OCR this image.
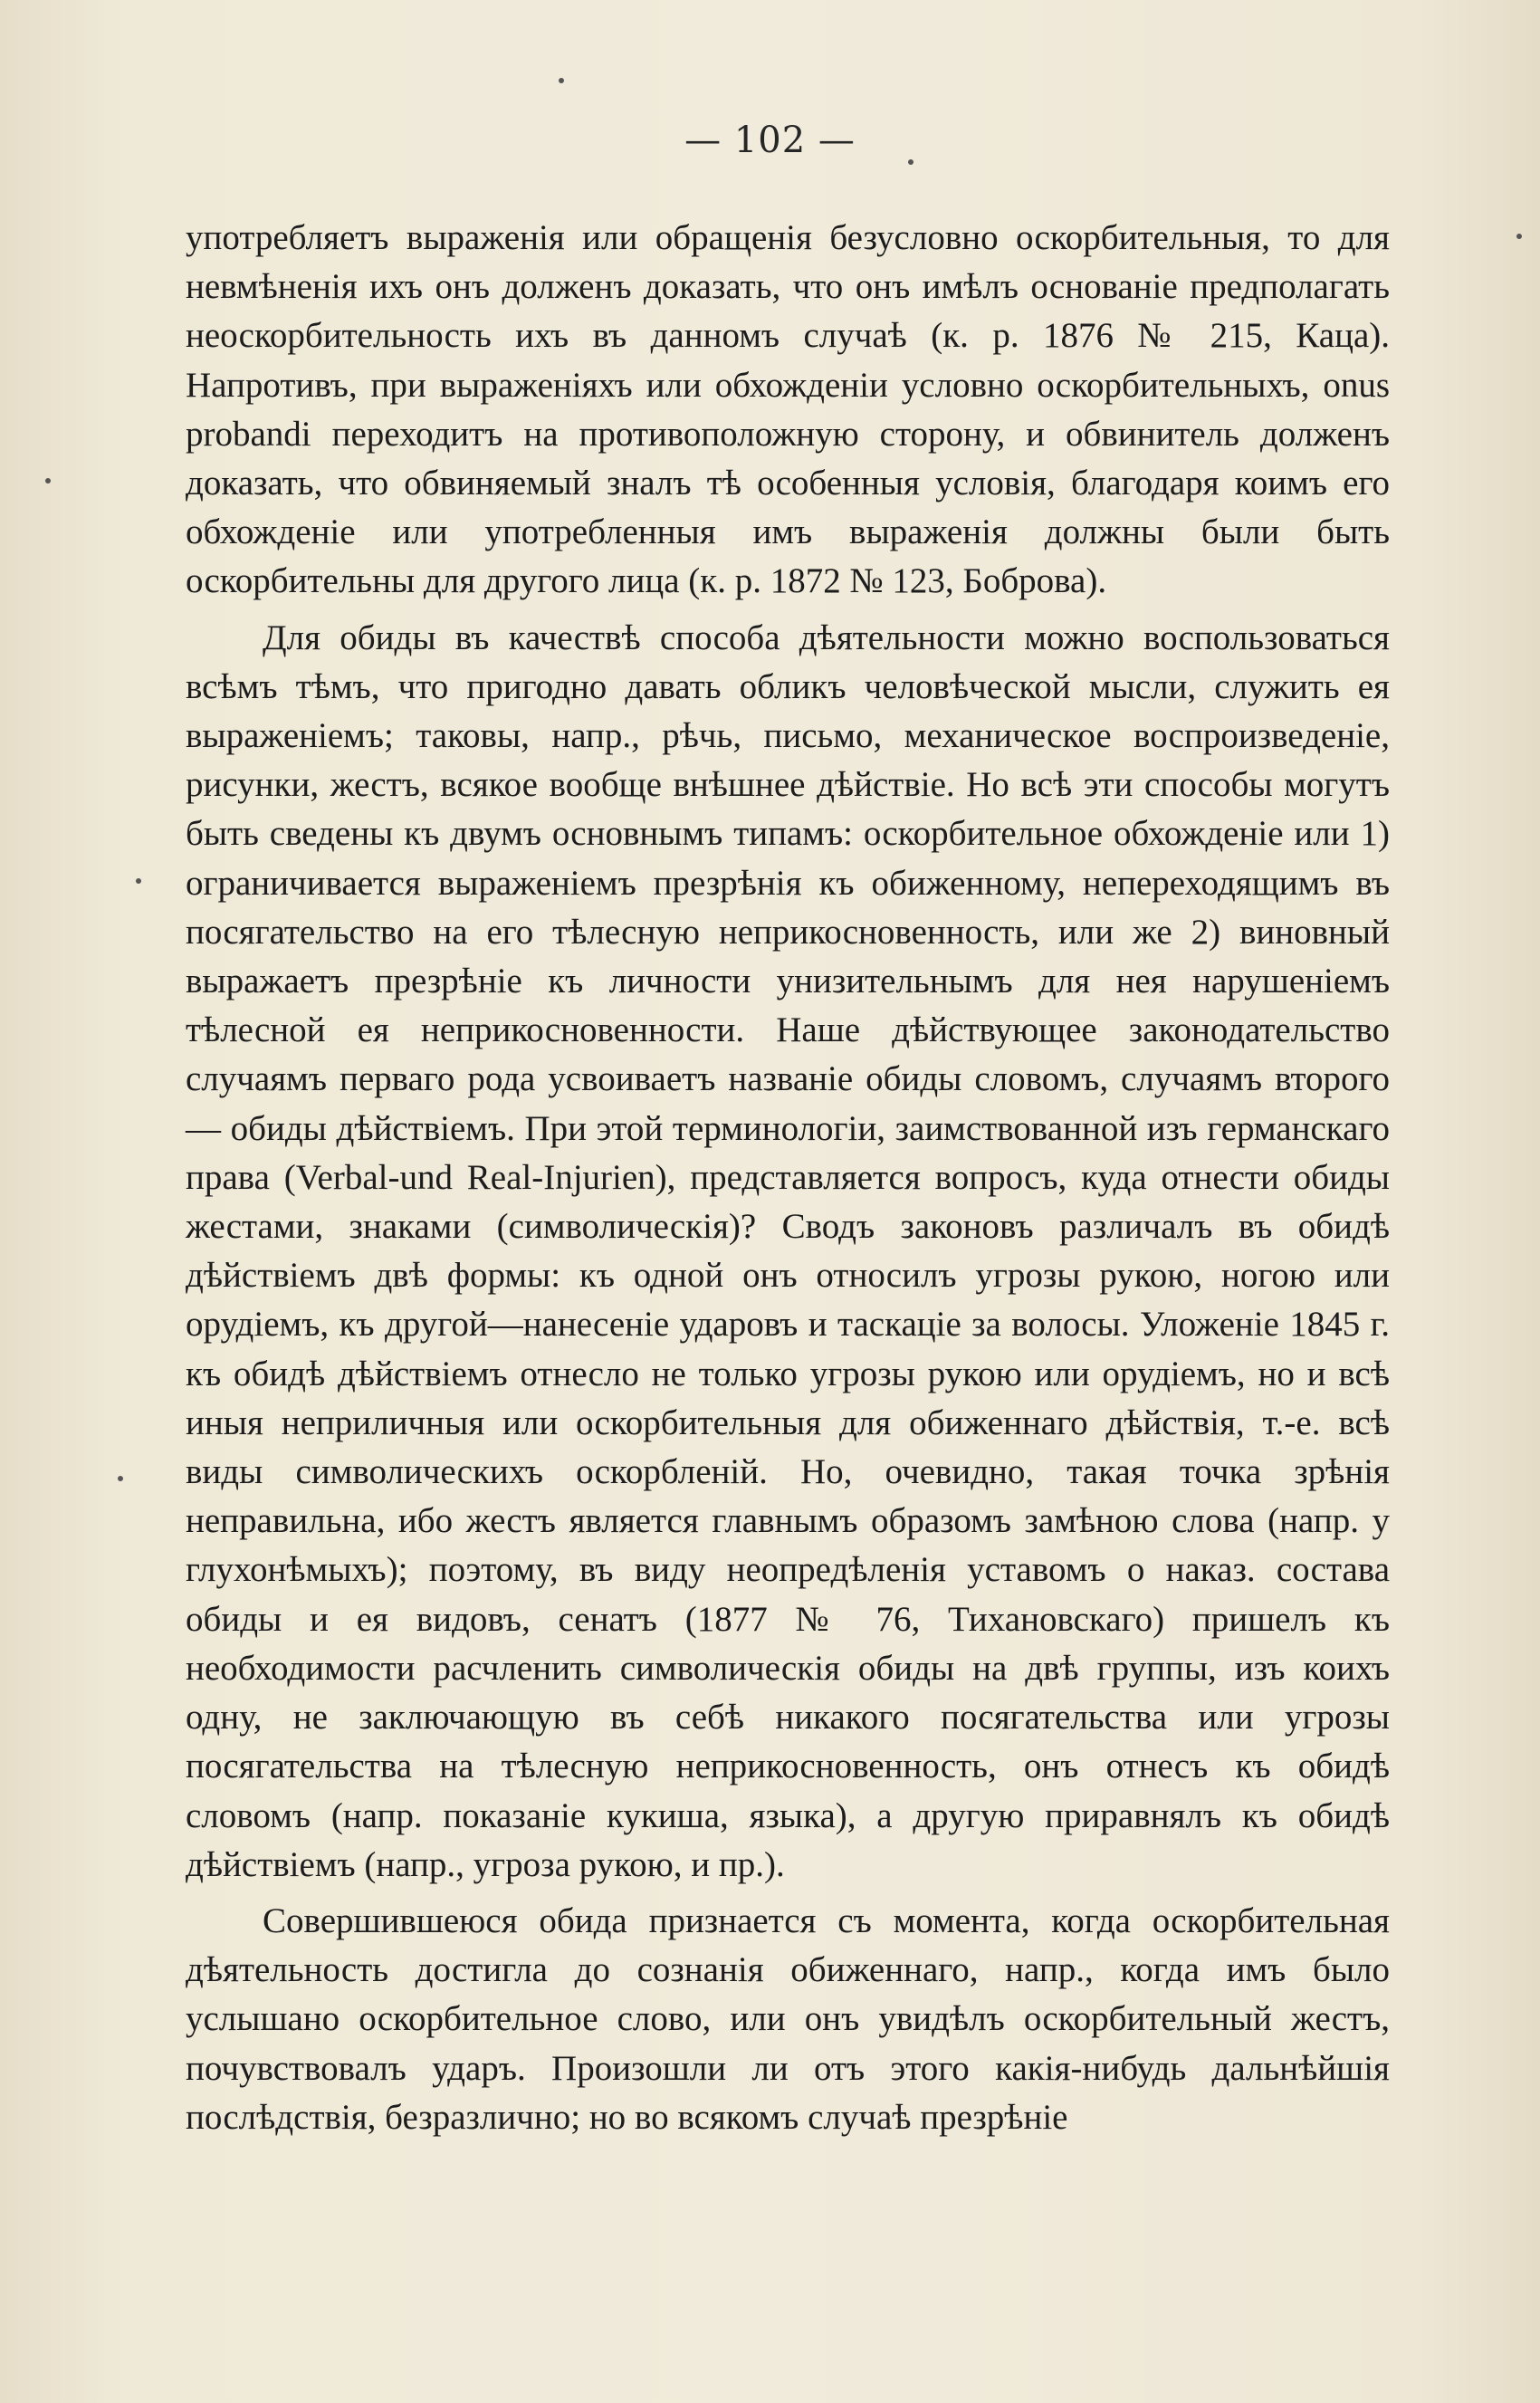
— 102 —

употребляетъ выраженія или обращенія безусловно оскорбительныя, то для невмѣненія ихъ онъ долженъ доказать, что онъ имѣлъ основаніе предполагать неоскорбительность ихъ въ данномъ случаѣ (к. р. 1876 № 215, Каца). Напротивъ, при выраженіяхъ или обхожденіи условно оскорбительныхъ, onus probandi переходитъ на противоположную сторону, и обвинитель долженъ доказать, что обвиняемый зналъ тѣ особенныя условія, благодаря коимъ его обхожденіе или употребленныя имъ выраженія должны были быть оскорбительны для другого лица (к. р. 1872 № 123, Боброва).

Для обиды въ качествѣ способа дѣятельности можно воспользоваться всѣмъ тѣмъ, что пригодно давать обликъ человѣческой мысли, служить ея выраженіемъ; таковы, напр., рѣчь, письмо, механическое воспроизведеніе, рисунки, жестъ, всякое вообще внѣшнее дѣйствіе. Но всѣ эти способы могутъ быть сведены къ двумъ основнымъ типамъ: оскорбительное обхожденіе или 1) ограничивается выраженіемъ презрѣнія къ обиженному, непереходящимъ въ посягательство на его тѣлесную неприкосновенность, или же 2) виновный выражаетъ презрѣніе къ личности унизительнымъ для нея нарушеніемъ тѣлесной ея неприкосновенности. Наше дѣйствующее законодательство случаямъ перваго рода усвоиваетъ названіе обиды словомъ, случаямъ второго — обиды дѣйствіемъ. При этой терминологіи, заимствованной изъ германскаго права (Verbal-und Real-Injurien), представляется вопросъ, куда отнести обиды жестами, знаками (символическія)? Сводъ законовъ различалъ въ обидѣ дѣйствіемъ двѣ формы: къ одной онъ относилъ угрозы рукою, ногою или орудіемъ, къ другой—нанесеніе ударовъ и таскаціе за волосы. Уложеніе 1845 г. къ обидѣ дѣйствіемъ отнесло не только угрозы рукою или орудіемъ, но и всѣ иныя неприличныя или оскорбительныя для обиженнаго дѣйствія, т.-е. всѣ виды символическихъ оскорбленій. Но, очевидно, такая точка зрѣнія неправильна, ибо жестъ является главнымъ образомъ замѣною слова (напр. у глухонѣмыхъ); поэтому, въ виду неопредѣленія уставомъ о наказ. состава обиды и ея видовъ, сенатъ (1877 № 76, Тихановскаго) пришелъ къ необходимости расчленить символическія обиды на двѣ группы, изъ коихъ одну, не заключающую въ себѣ никакого посягательства или угрозы посягательства на тѣлесную неприкосновенность, онъ отнесъ къ обидѣ словомъ (напр. показаніе кукиша, языка), а другую приравнялъ къ обидѣ дѣйствіемъ (напр., угроза рукою, и пр.).

Совершившеюся обида признается съ момента, когда оскорбительная дѣятельность достигла до сознанія обиженнаго, напр., когда имъ было услышано оскорбительное слово, или онъ увидѣлъ оскорбительный жестъ, почувствовалъ ударъ. Произошли ли отъ этого какія-нибудь дальнѣйшія послѣдствія, безразлично; но во всякомъ случаѣ презрѣніе
